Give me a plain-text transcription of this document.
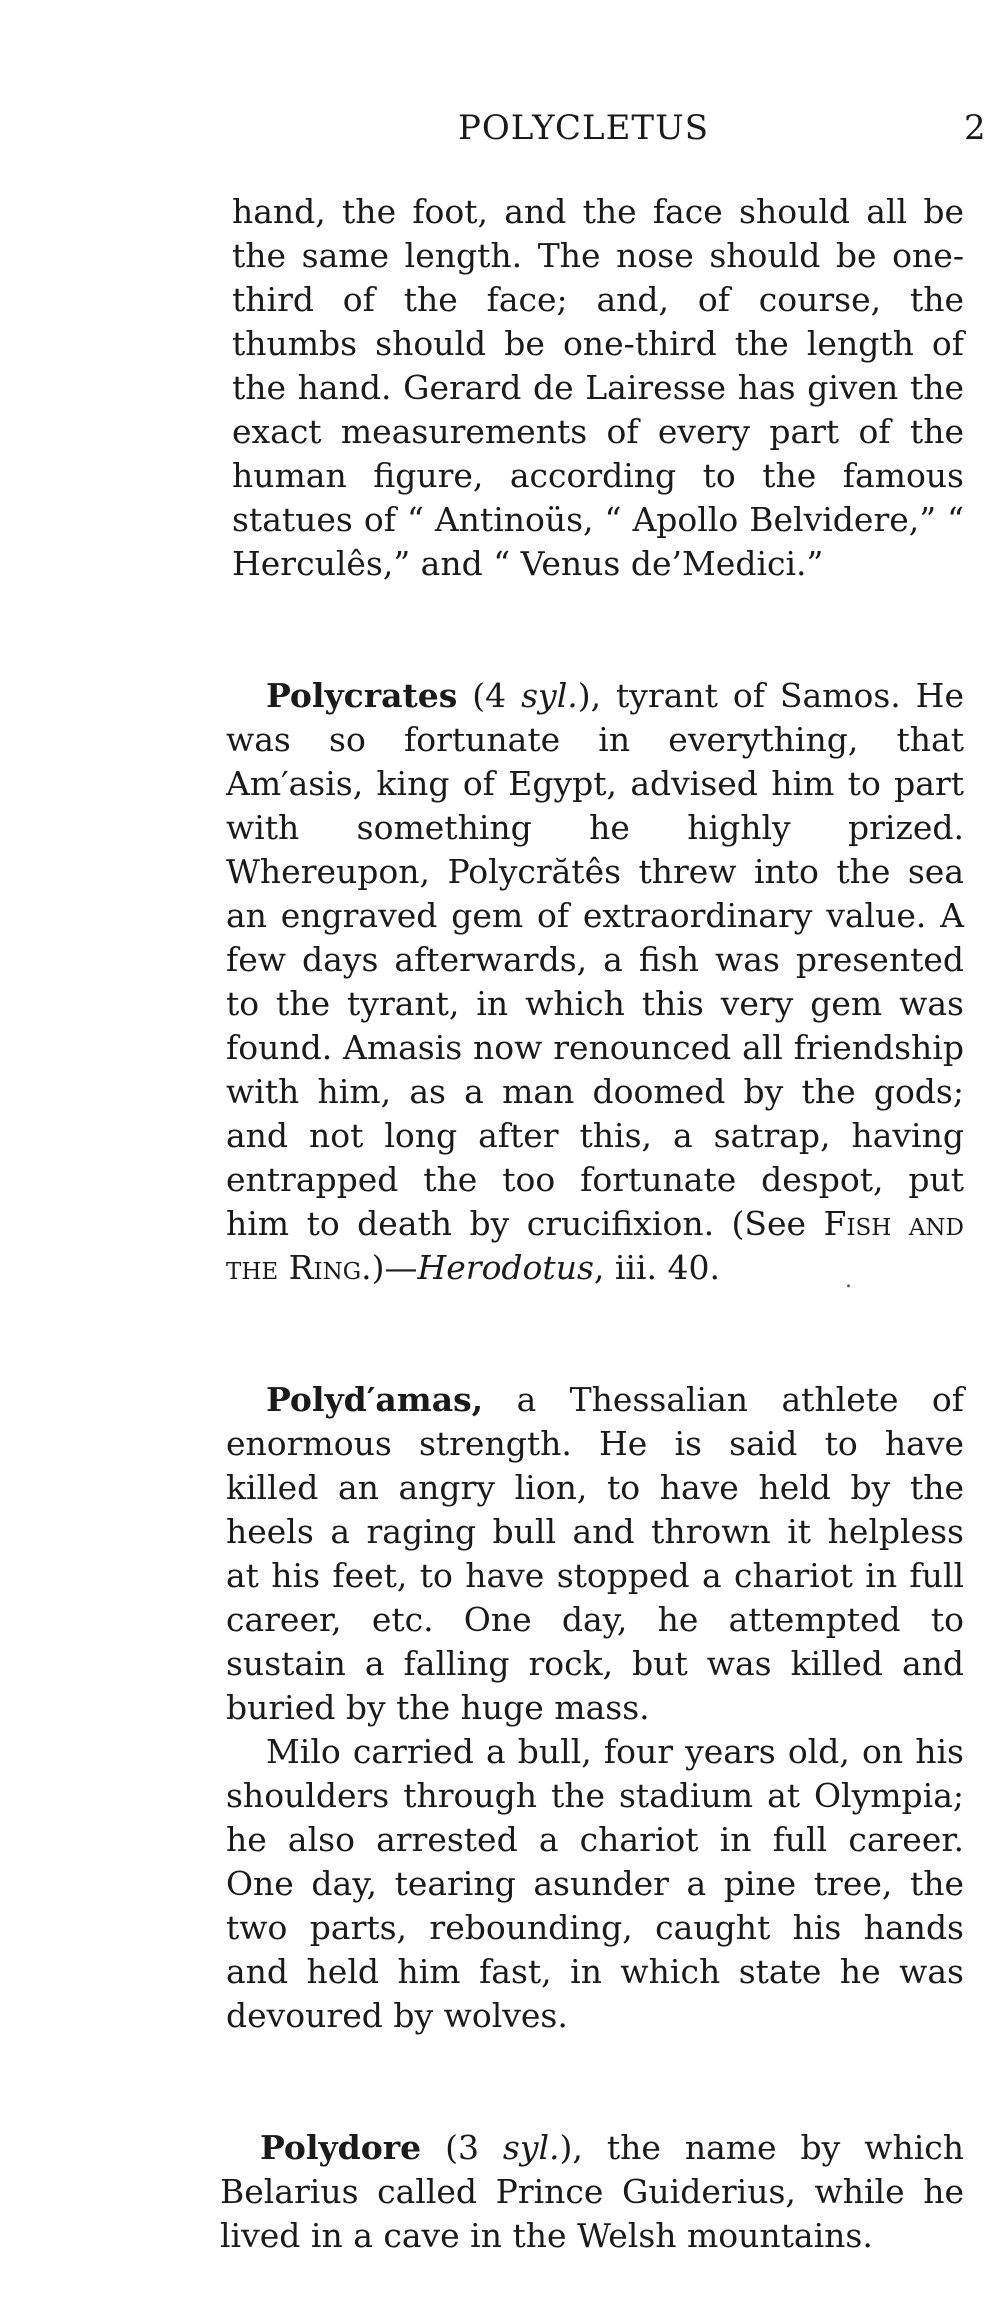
POLYCLETUS	2

hand, the foot, and the face should all be the same length. The nose should be one-third of the face; and, of course, the thumbs should be one-third the length of the hand. Gerard de Lairesse has given the exact measurements of every part of the human figure, according to the famous statues of “ Antinoüs, “ Apollo Belvidere,” “ Herculês,” and “ Venus de’Medici.”

Polycrates (4 syl.), tyrant of Samos. He was so fortunate in everything, that Am′asis, king of Egypt, advised him to part with something he highly prized. Whereupon, Polycrătês threw into the sea an engraved gem of extraordinary value. A few days afterwards, a fish was presented to the tyrant, in which this very gem was found. Amasis now renounced all friendship with him, as a man doomed by the gods; and not long after this, a satrap, having entrapped the too fortunate despot, put him to death by crucifixion. (See Fish and the Ring.)—Herodotus, iii. 40.

Polyd′amas, a Thessalian athlete of enormous strength. He is said to have killed an angry lion, to have held by the heels a raging bull and thrown it helpless at his feet, to have stopped a chariot in full career, etc. One day, he attempted to sustain a falling rock, but was killed and buried by the huge mass.

Milo carried a bull, four years old, on his shoulders through the stadium at Olympia; he also arrested a chariot in full career. One day, tearing asunder a pine tree, the two parts, rebounding, caught his hands and held him fast, in which state he was devoured by wolves.

Polydore (3 syl.), the name by which Belarius called Prince Guiderius, while he lived in a cave in the Welsh mountains.

.
